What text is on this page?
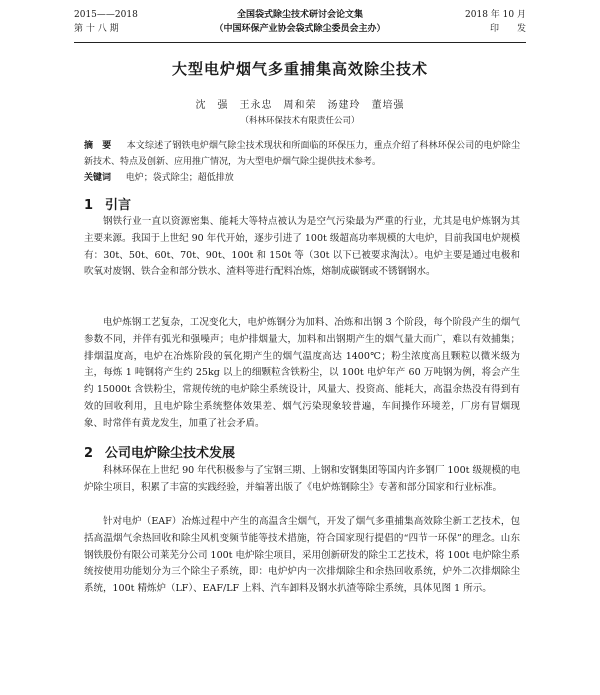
2015——2018
第 十 八 期
全国袋式除尘技术研讨会论文集
（中国环保产业协会袋式除尘委员会主办）
2018 年 10 月
印　　发
大型电炉烟气多重捕集高效除尘技术
沈　强　王永忠　周和荣　汤建玲　董培强
（科林环保技术有限责任公司）
摘　要 　 本文综述了钢铁电炉烟气除尘技术现状和所面临的环保压力，重点介绍了科林环保公司的电炉除尘新技术、特点及创新、应用推广情况，为大型电炉烟气除尘提供技术参考。
关键词 　 电炉；袋式除尘；超低排放
1 引言

钢铁行业一直以资源密集、能耗大等特点被认为是空气污染最为严重的行业，尤其是电炉炼钢为其主要来源。我国于上世纪 90 年代开始，逐步引进了 100t 级超高功率规模的大电炉，目前我国电炉规模有：30t、50t、60t、70t、90t、100t 和 150t 等（30t 以下已被要求淘汰）。电炉主要是通过电极和吹氧对废钢、铁合金和部分铁水、渣料等进行配料冶炼，熔制成碳钢或不锈钢钢水。

电炉炼钢工艺复杂，工况变化大，电炉炼钢分为加料、冶炼和出钢 3 个阶段，每个阶段产生的烟气参数不同，并伴有弧光和强噪声；电炉排烟量大，加料和出钢期产生的烟气量大而广，难以有效捕集；排烟温度高，电炉在冶炼阶段的氧化期产生的烟气温度高达 1400℃；粉尘浓度高且颗粒以微米级为主，每炼 1 吨钢将产生约 25kg 以上的细颗粒含铁粉尘，以 100t 电炉年产 60 万吨钢为例，将会产生约 15000t 含铁粉尘，常规传统的电炉除尘系统设计，风量大、投资高、能耗大，高温余热没有得到有效的回收利用，且电炉除尘系统整体效果差、烟气污染现象较普遍，车间操作环境差，厂房有冒烟现象、时常伴有黄龙发生，加重了社会矛盾。

2 公司电炉除尘技术发展

科林环保在上世纪 90 年代积极参与了宝钢三期、上钢和安钢集团等国内许多钢厂 100t 级规模的电炉除尘项目，积累了丰富的实践经验，并编著出版了《电炉炼钢除尘》专著和部分国家和行业标准。

针对电炉（EAF）冶炼过程中产生的高温含尘烟气，开发了烟气多重捕集高效除尘新工艺技术，包括高温烟气余热回收和除尘风机变频节能等技术措施，符合国家现行提倡的“四节一环保”的理念。山东钢铁股份有限公司莱芜分公司 100t 电炉除尘项目，采用创新研发的除尘工艺技术，将 100t 电炉除尘系统按使用功能划分为三个除尘子系统，即：电炉炉内一次排烟除尘和余热回收系统，炉外二次排烟除尘系统，100t 精炼炉（LF）、EAF/LF 上料、汽车卸料及钢水扒渣等除尘系统，具体见图 1 所示。
